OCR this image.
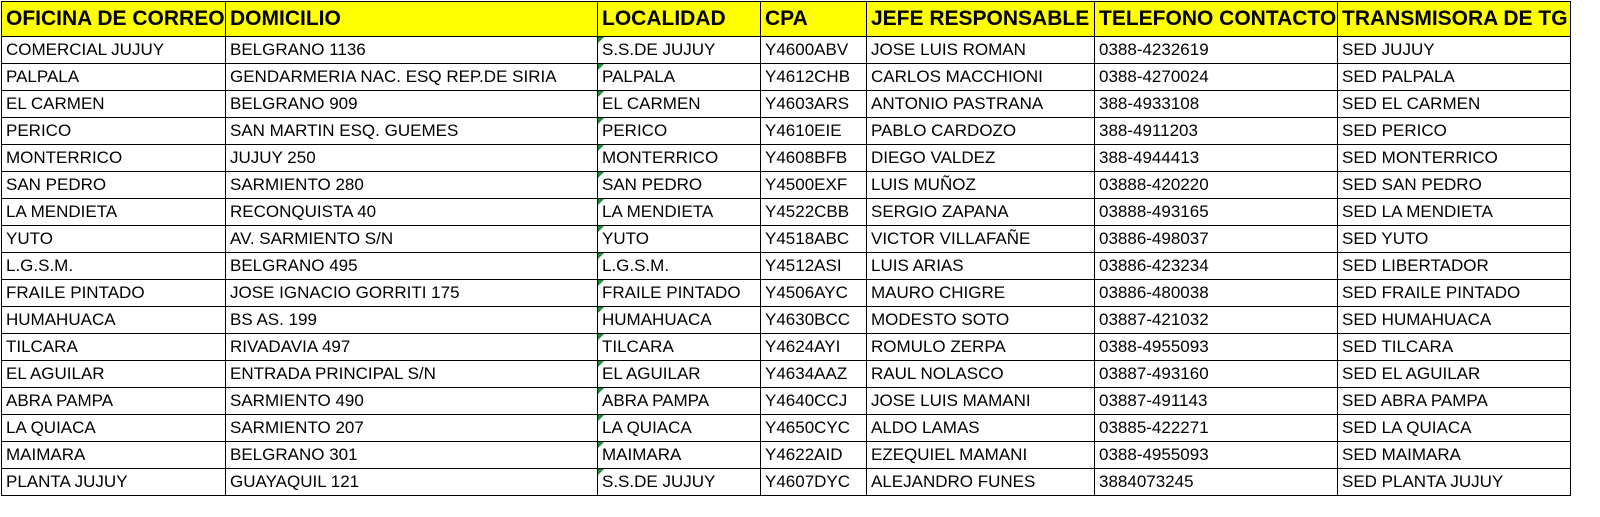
OFICINA DE CORREO	DOMICILIO	LOCALIDAD	CPA	JEFE RESPONSABLE	TELEFONO CONTACTO	TRANSMISORA DE TG
COMERCIAL JUJUY	BELGRANO 1136	S.S.DE JUJUY	Y4600ABV	JOSE LUIS ROMAN	0388-4232619	SED JUJUY
PALPALA	GENDARMERIA NAC. ESQ REP.DE SIRIA	PALPALA	Y4612CHB	CARLOS MACCHIONI	0388-4270024	SED PALPALA
EL CARMEN	BELGRANO 909	EL CARMEN	Y4603ARS	ANTONIO PASTRANA	388-4933108	SED EL CARMEN
PERICO	SAN MARTIN ESQ. GUEMES	PERICO	Y4610EIE	PABLO CARDOZO	388-4911203	SED PERICO
MONTERRICO	JUJUY 250	MONTERRICO	Y4608BFB	DIEGO VALDEZ	388-4944413	SED MONTERRICO
SAN PEDRO	SARMIENTO 280	SAN PEDRO	Y4500EXF	LUIS MUÑOZ	03888-420220	SED SAN PEDRO
LA MENDIETA	RECONQUISTA 40	LA MENDIETA	Y4522CBB	SERGIO ZAPANA	03888-493165	SED LA MENDIETA
YUTO	AV. SARMIENTO S/N	YUTO	Y4518ABC	VICTOR VILLAFAÑE	03886-498037	SED YUTO
L.G.S.M.	BELGRANO 495	L.G.S.M.	Y4512ASI	LUIS ARIAS	03886-423234	SED LIBERTADOR
FRAILE PINTADO	JOSE IGNACIO GORRITI 175	FRAILE PINTADO	Y4506AYC	MAURO CHIGRE	03886-480038	SED FRAILE PINTADO
HUMAHUACA	BS AS. 199	HUMAHUACA	Y4630BCC	MODESTO SOTO	03887-421032	SED HUMAHUACA
TILCARA	RIVADAVIA 497	TILCARA	Y4624AYI	ROMULO ZERPA	0388-4955093	SED TILCARA
EL AGUILAR	ENTRADA PRINCIPAL S/N	EL AGUILAR	Y4634AAZ	RAUL NOLASCO	03887-493160	SED EL AGUILAR
ABRA PAMPA	SARMIENTO 490	ABRA PAMPA	Y4640CCJ	JOSE LUIS MAMANI	03887-491143	SED ABRA PAMPA
LA QUIACA	SARMIENTO 207	LA QUIACA	Y4650CYC	ALDO LAMAS	03885-422271	SED LA QUIACA
MAIMARA	BELGRANO 301	MAIMARA	Y4622AID	EZEQUIEL MAMANI	0388-4955093	SED MAIMARA
PLANTA JUJUY	GUAYAQUIL 121	S.S.DE JUJUY	Y4607DYC	ALEJANDRO FUNES	3884073245	SED PLANTA JUJUY
